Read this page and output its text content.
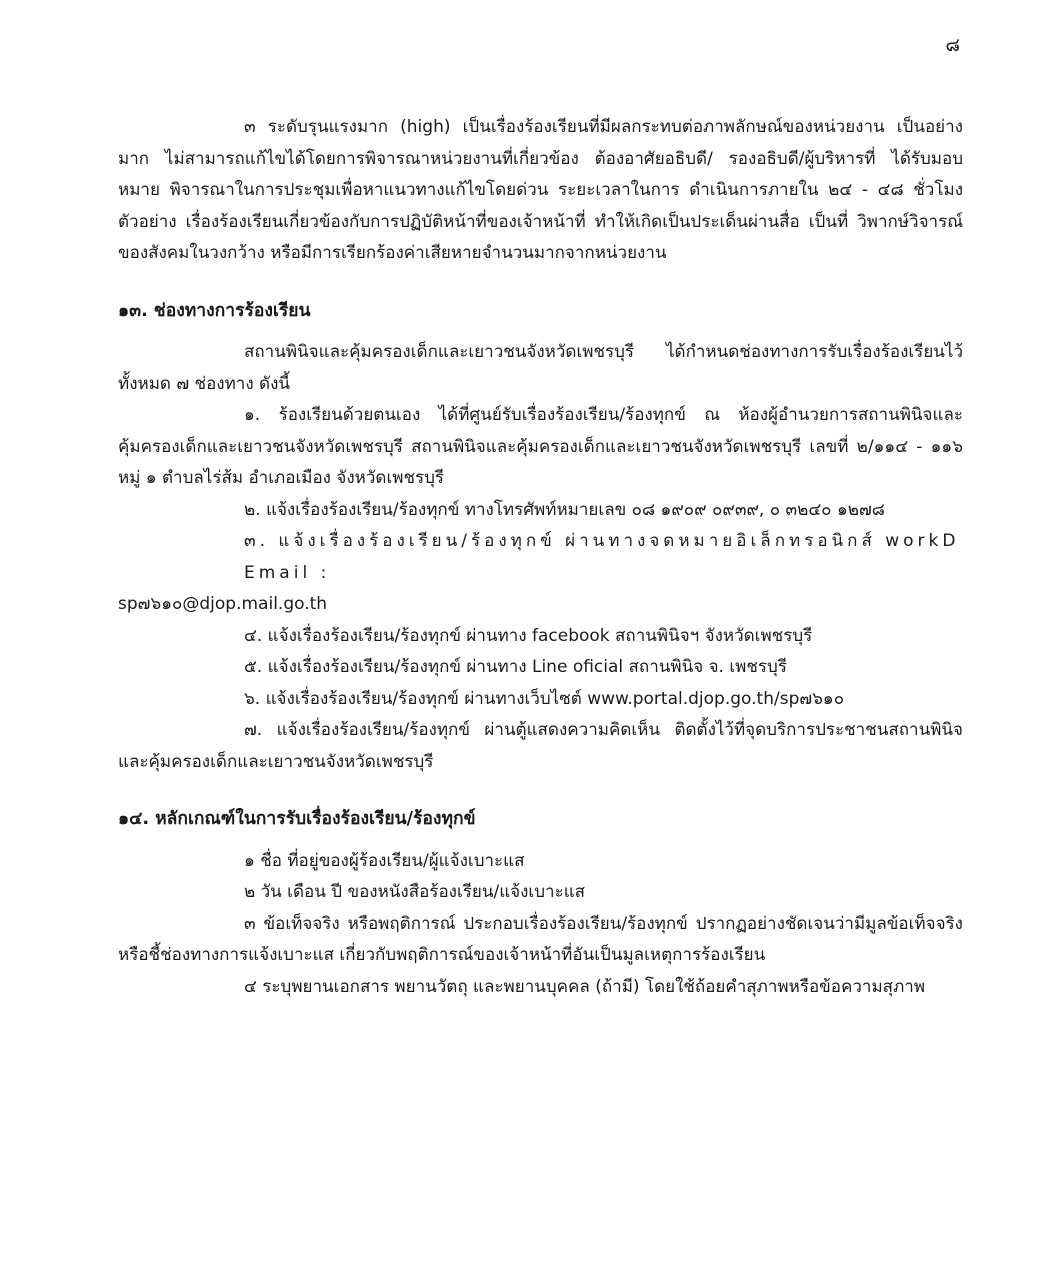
๘

๓ ระดับรุนแรงมาก (high) เป็นเรื่องร้องเรียนที่มีผลกระทบต่อภาพลักษณ์ของหน่วยงาน เป็นอย่างมาก ไม่สามารถแก้ไขได้โดยการพิจารณาหน่วยงานที่เกี่ยวข้อง ต้องอาศัยอธิบดี/ รองอธิบดี/ผู้บริหารที่ ได้รับมอบหมาย พิจารณาในการประชุมเพื่อหาแนวทางแก้ไขโดยด่วน ระยะเวลาในการ ดำเนินการภายใน ๒๔ - ๔๘ ชั่วโมง ตัวอย่าง เรื่องร้องเรียนเกี่ยวข้องกับการปฏิบัติหน้าที่ของเจ้าหน้าที่ ทำให้เกิดเป็นประเด็นผ่านสื่อ เป็นที่ วิพากษ์วิจารณ์ของสังคมในวงกว้าง หรือมีการเรียกร้องค่าเสียหายจำนวนมากจากหน่วยงาน

๑๓. ช่องทางการร้องเรียน

สถานพินิจและคุ้มครองเด็กและเยาวชนจังหวัดเพชรบุรี ได้กำหนดช่องทางการรับเรื่องร้องเรียนไว้ ทั้งหมด ๗ ช่องทาง ดังนี้

๑. ร้องเรียนด้วยตนเอง ได้ที่ศูนย์รับเรื่องร้องเรียน/ร้องทุกข์ ณ ห้องผู้อำนวยการสถานพินิจและคุ้มครองเด็กและเยาวชนจังหวัดเพชรบุรี สถานพินิจและคุ้มครองเด็กและเยาวชนจังหวัดเพชรบุรี เลขที่ ๒/๑๑๔ - ๑๑๖ หมู่ ๑ ตำบลไร่ส้ม อำเภอเมือง จังหวัดเพชรบุรี

๒. แจ้งเรื่องร้องเรียน/ร้องทุกข์ ทางโทรศัพท์หมายเลข ๐๘ ๑๙๐๙ ๐๙๓๙, ๐ ๓๒๔๐ ๑๒๗๘

๓. แจ้งเรื่องร้องเรียน/ร้องทุกข์ ผ่านทางจดหมายอิเล็กทรอนิกส์ workD Email :

sp๗๖๑๐@djop.mail.go.th

๔. แจ้งเรื่องร้องเรียน/ร้องทุกข์ ผ่านทาง facebook สถานพินิจฯ จังหวัดเพชรบุรี

๕. แจ้งเรื่องร้องเรียน/ร้องทุกข์ ผ่านทาง Line oficial สถานพินิจ จ. เพชรบุรี

๖. แจ้งเรื่องร้องเรียน/ร้องทุกข์ ผ่านทางเว็บไซต์ www.portal.djop.go.th/sp๗๖๑๐

๗. แจ้งเรื่องร้องเรียน/ร้องทุกข์ ผ่านตู้แสดงความคิดเห็น ติดตั้งไว้ที่จุดบริการประชาชนสถานพินิจและคุ้มครองเด็กและเยาวชนจังหวัดเพชรบุรี

๑๔. หลักเกณฑ์ในการรับเรื่องร้องเรียน/ร้องทุกข์

๑ ชื่อ ที่อยู่ของผู้ร้องเรียน/ผู้แจ้งเบาะแส

๒ วัน เดือน ปี ของหนังสือร้องเรียน/แจ้งเบาะแส

๓ ข้อเท็จจริง หรือพฤติการณ์ ประกอบเรื่องร้องเรียน/ร้องทุกข์ ปรากฏอย่างชัดเจนว่ามีมูลข้อเท็จจริง หรือชี้ช่องทางการแจ้งเบาะแส เกี่ยวกับพฤติการณ์ของเจ้าหน้าที่อันเป็นมูลเหตุการร้องเรียน

๔ ระบุพยานเอกสาร พยานวัตถุ และพยานบุคคล (ถ้ามี) โดยใช้ถ้อยคำสุภาพหรือข้อความสุภาพ
